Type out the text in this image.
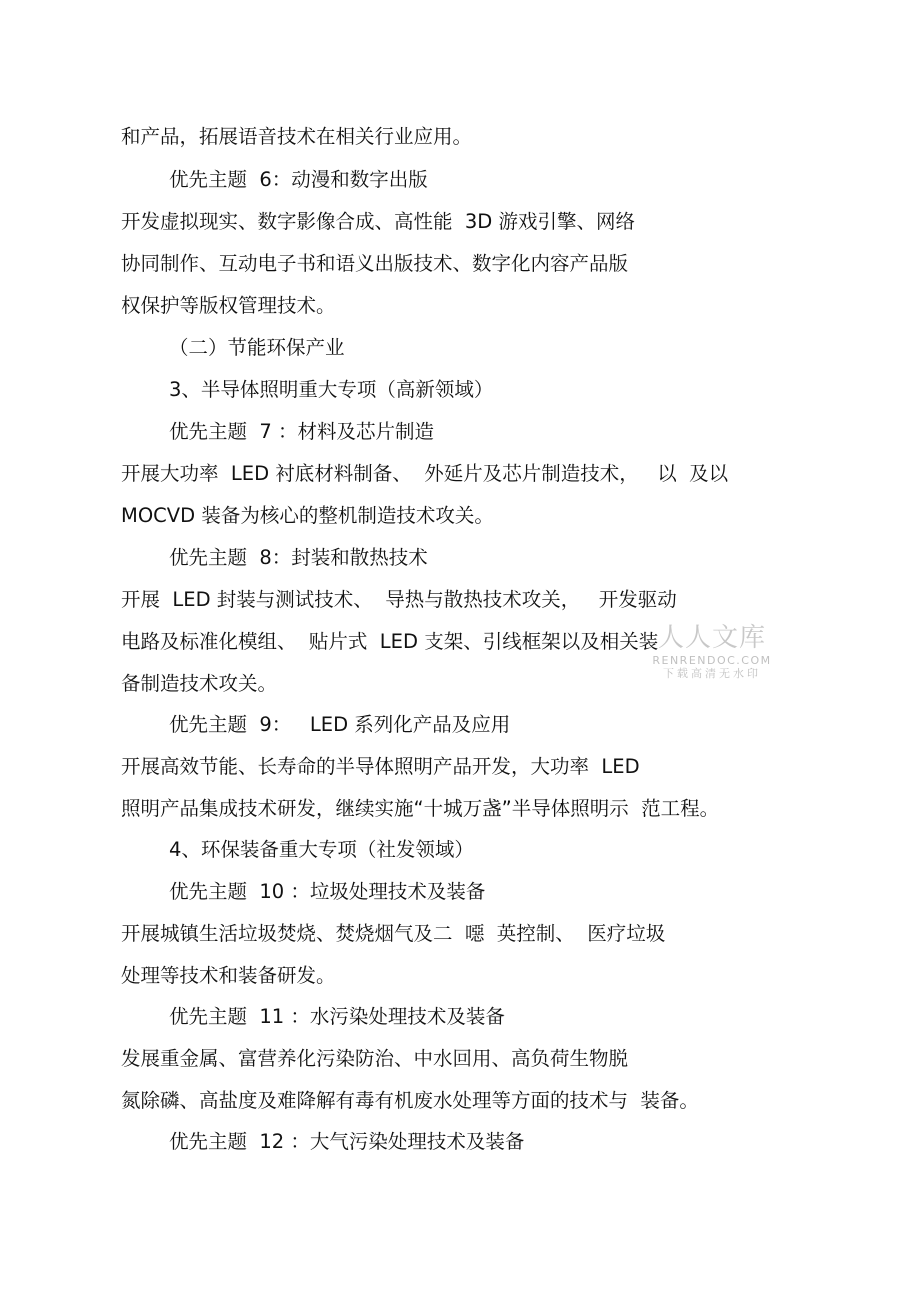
和产品，拓展语音技术在相关行业应用。

优先主题  6：动漫和数字出版

开发虚拟现实、数字影像合成、高性能  3D 游戏引擎、网络

协同制作、互动电子书和语义出版技术、数字化内容产品版

权保护等版权管理技术。

（二）节能环保产业

3、半导体照明重大专项（高新领域）

优先主题  7 ：材料及芯片制造

开展大功率  LED 衬底材料制备、  外延片及芯片制造技术，   以  及以

MOCVD 装备为核心的整机制造技术攻关。

优先主题  8：封装和散热技术

开展  LED 封装与测试技术、  导热与散热技术攻关，   开发驱动

电路及标准化模组、  贴片式  LED 支架、引线框架以及相关装

备制造技术攻关。

优先主题  9：   LED 系列化产品及应用

开展高效节能、长寿命的半导体照明产品开发，大功率  LED

照明产品集成技术研发，继续实施“十城万盏”半导体照明示  范工程。

4、环保装备重大专项（社发领域）

优先主题  10 ：垃圾处理技术及装备

开展城镇生活垃圾焚烧、焚烧烟气及二  噁  英控制、  医疗垃圾

处理等技术和装备研发。

优先主题  11 ：水污染处理技术及装备

发展重金属、富营养化污染防治、中水回用、高负荷生物脱

氮除磷、高盐度及难降解有毒有机废水处理等方面的技术与  装备。

优先主题  12 ：大气污染处理技术及装备

人人文库
RENRENDOC.COM
下载高清无水印
